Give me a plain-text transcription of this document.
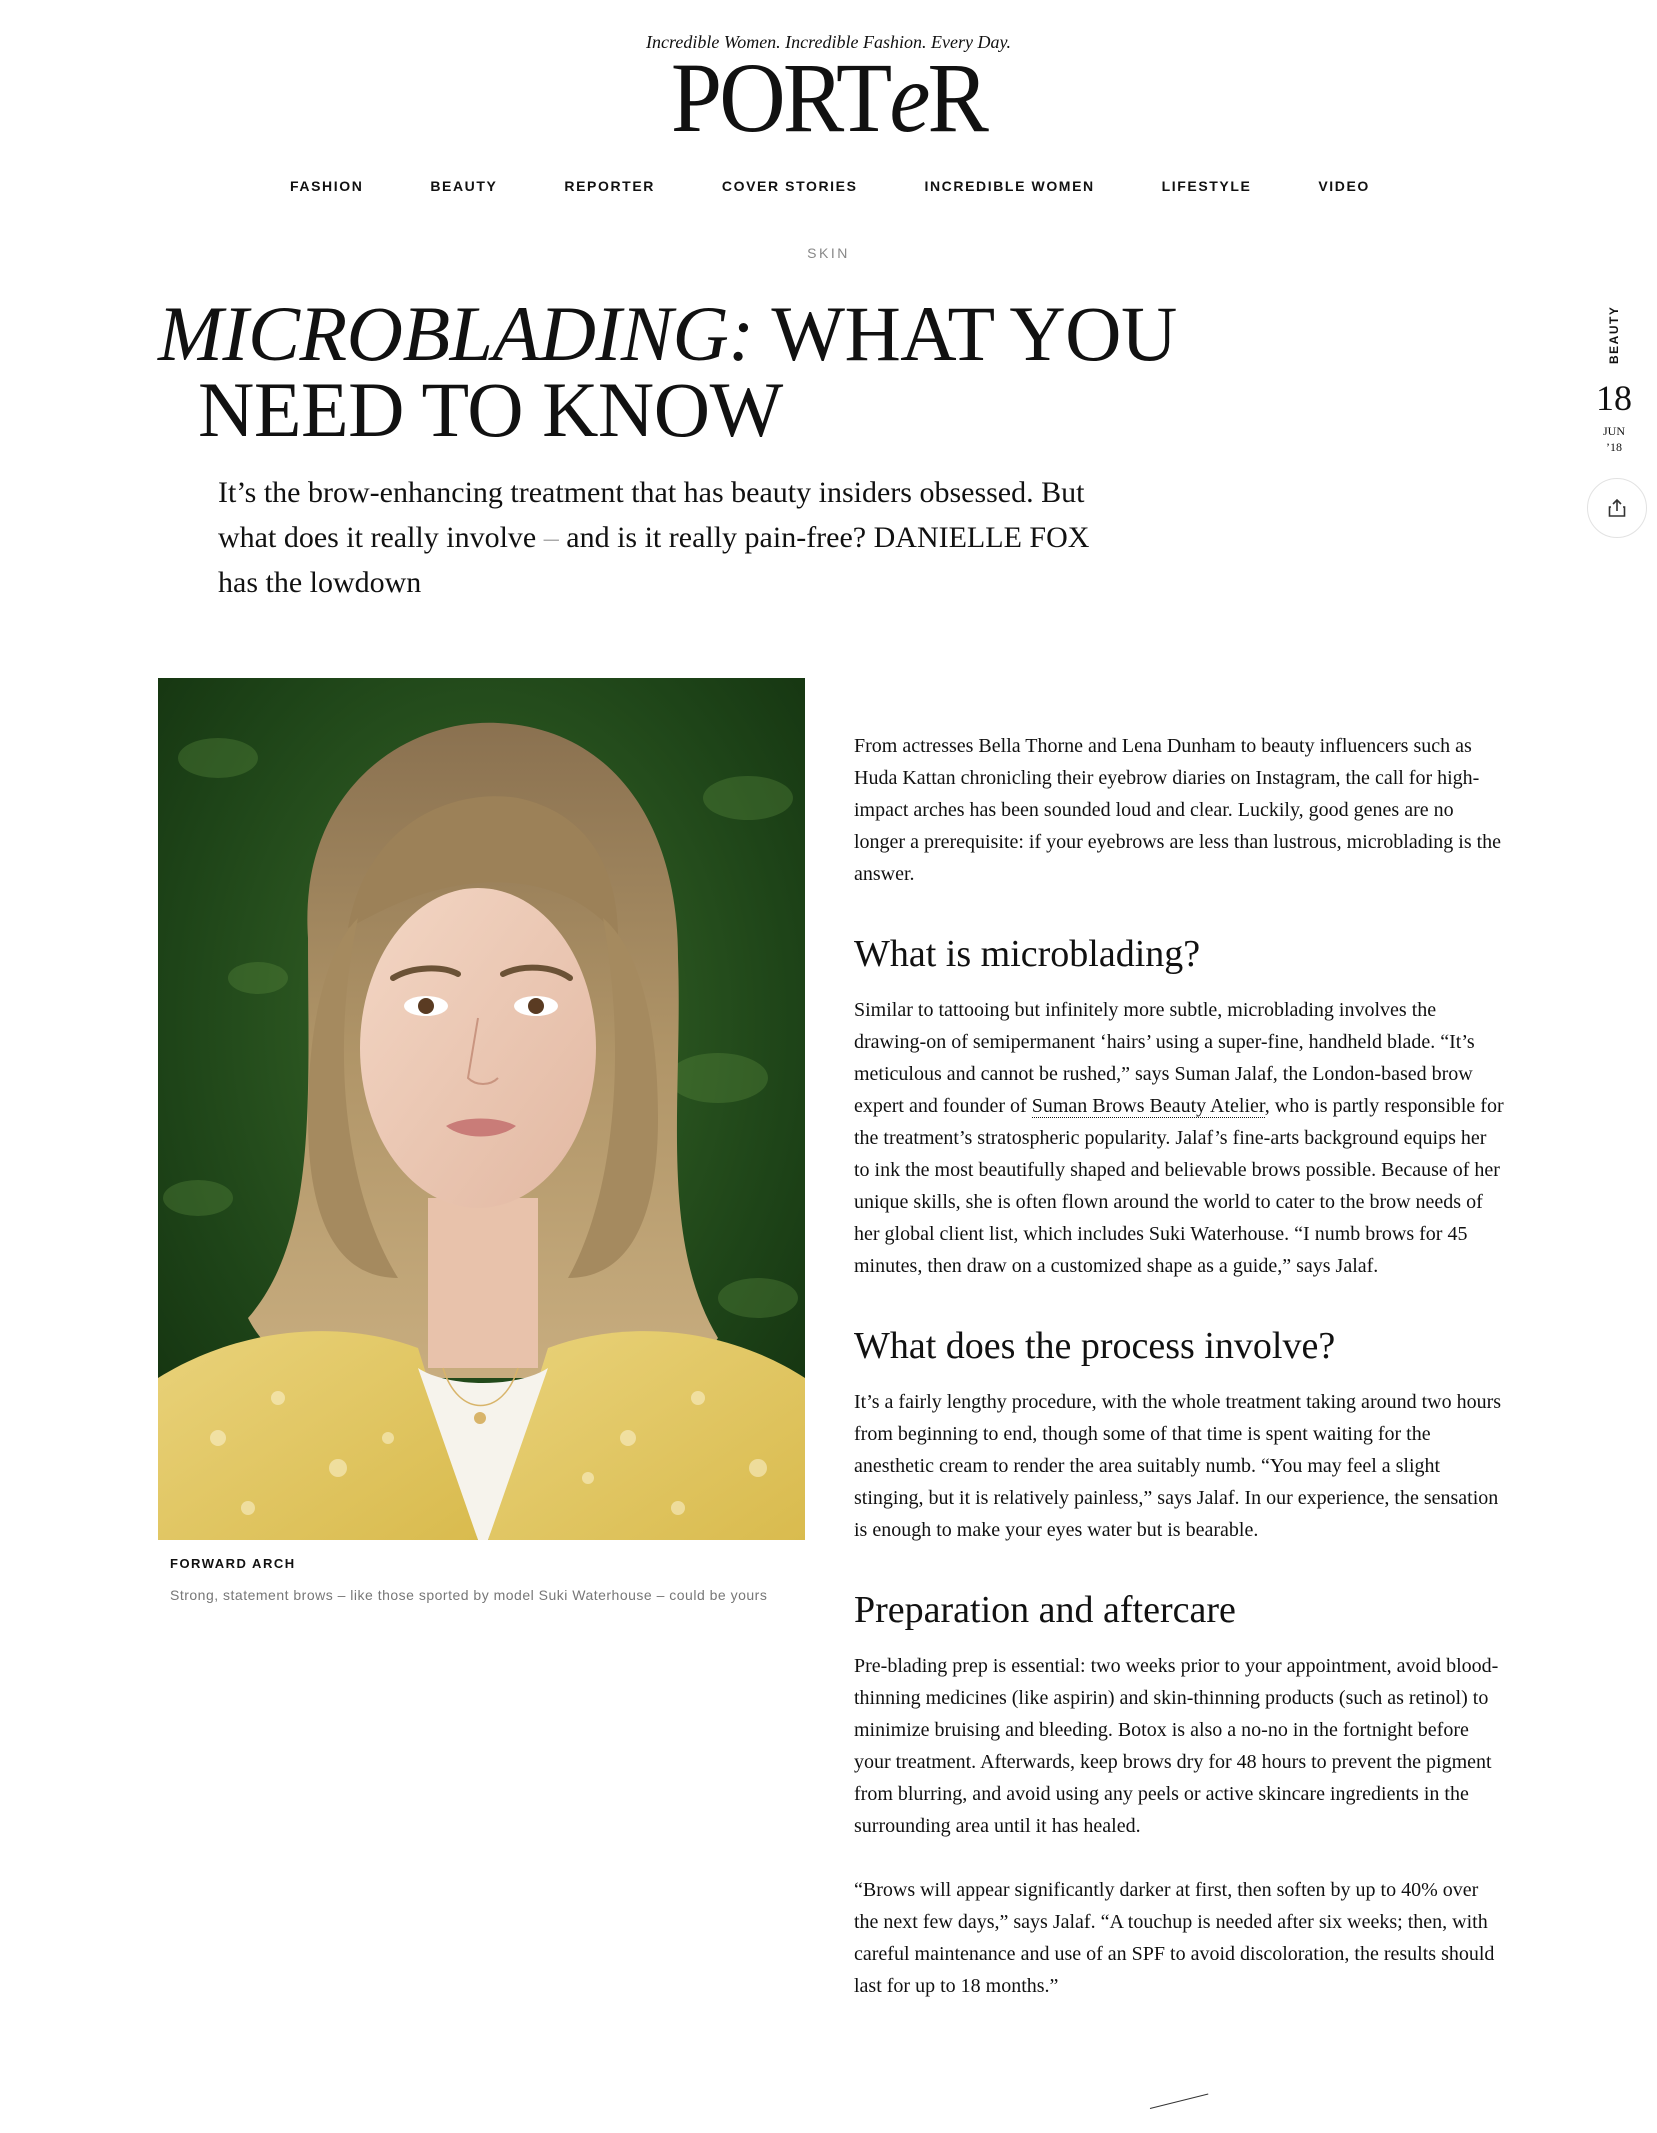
Incredible Women. Incredible Fashion. Every Day.
PORTeR
FASHION	BEAUTY	REPORTER	COVER STORIES	INCREDIBLE WOMEN	LIFESTYLE	VIDEO
SKIN
MICROBLADING: WHAT YOU
NEED TO KNOW
It’s the brow-enhancing treatment that has beauty insiders obsessed. But what does it really involve – and is it really pain-free? DANIELLE FOX has the lowdown
BEAUTY
18
JUN
’18
FORWARD ARCH
Strong, statement brows – like those sported by model Suki Waterhouse – could be yours

From actresses Bella Thorne and Lena Dunham to beauty influencers such as Huda Kattan chronicling their eyebrow diaries on Instagram, the call for high-impact arches has been sounded loud and clear. Luckily, good genes are no longer a prerequisite: if your eyebrows are less than lustrous, microblading is the answer.

What is microblading?

Similar to tattooing but infinitely more subtle, microblading involves the drawing-on of semipermanent ‘hairs’ using a super-fine, handheld blade. “It’s meticulous and cannot be rushed,” says Suman Jalaf, the London-based brow expert and founder of Suman Brows Beauty Atelier, who is partly responsible for the treatment’s stratospheric popularity. Jalaf’s fine-arts background equips her to ink the most beautifully shaped and believable brows possible. Because of her unique skills, she is often flown around the world to cater to the brow needs of her global client list, which includes Suki Waterhouse. “I numb brows for 45 minutes, then draw on a customized shape as a guide,” says Jalaf.

What does the process involve?

It’s a fairly lengthy procedure, with the whole treatment taking around two hours from beginning to end, though some of that time is spent waiting for the anesthetic cream to render the area suitably numb. “You may feel a slight stinging, but it is relatively painless,” says Jalaf. In our experience, the sensation is enough to make your eyes water but is bearable.

Preparation and aftercare

Pre-blading prep is essential: two weeks prior to your appointment, avoid blood-thinning medicines (like aspirin) and skin-thinning products (such as retinol) to minimize bruising and bleeding. Botox is also a no-no in the fortnight before your treatment. Afterwards, keep brows dry for 48 hours to prevent the pigment from blurring, and avoid using any peels or active skincare ingredients in the surrounding area until it has healed.

“Brows will appear significantly darker at first, then soften by up to 40% over the next few days,” says Jalaf. “A touchup is needed after six weeks; then, with careful maintenance and use of an SPF to avoid discoloration, the results should last for up to 18 months.”
